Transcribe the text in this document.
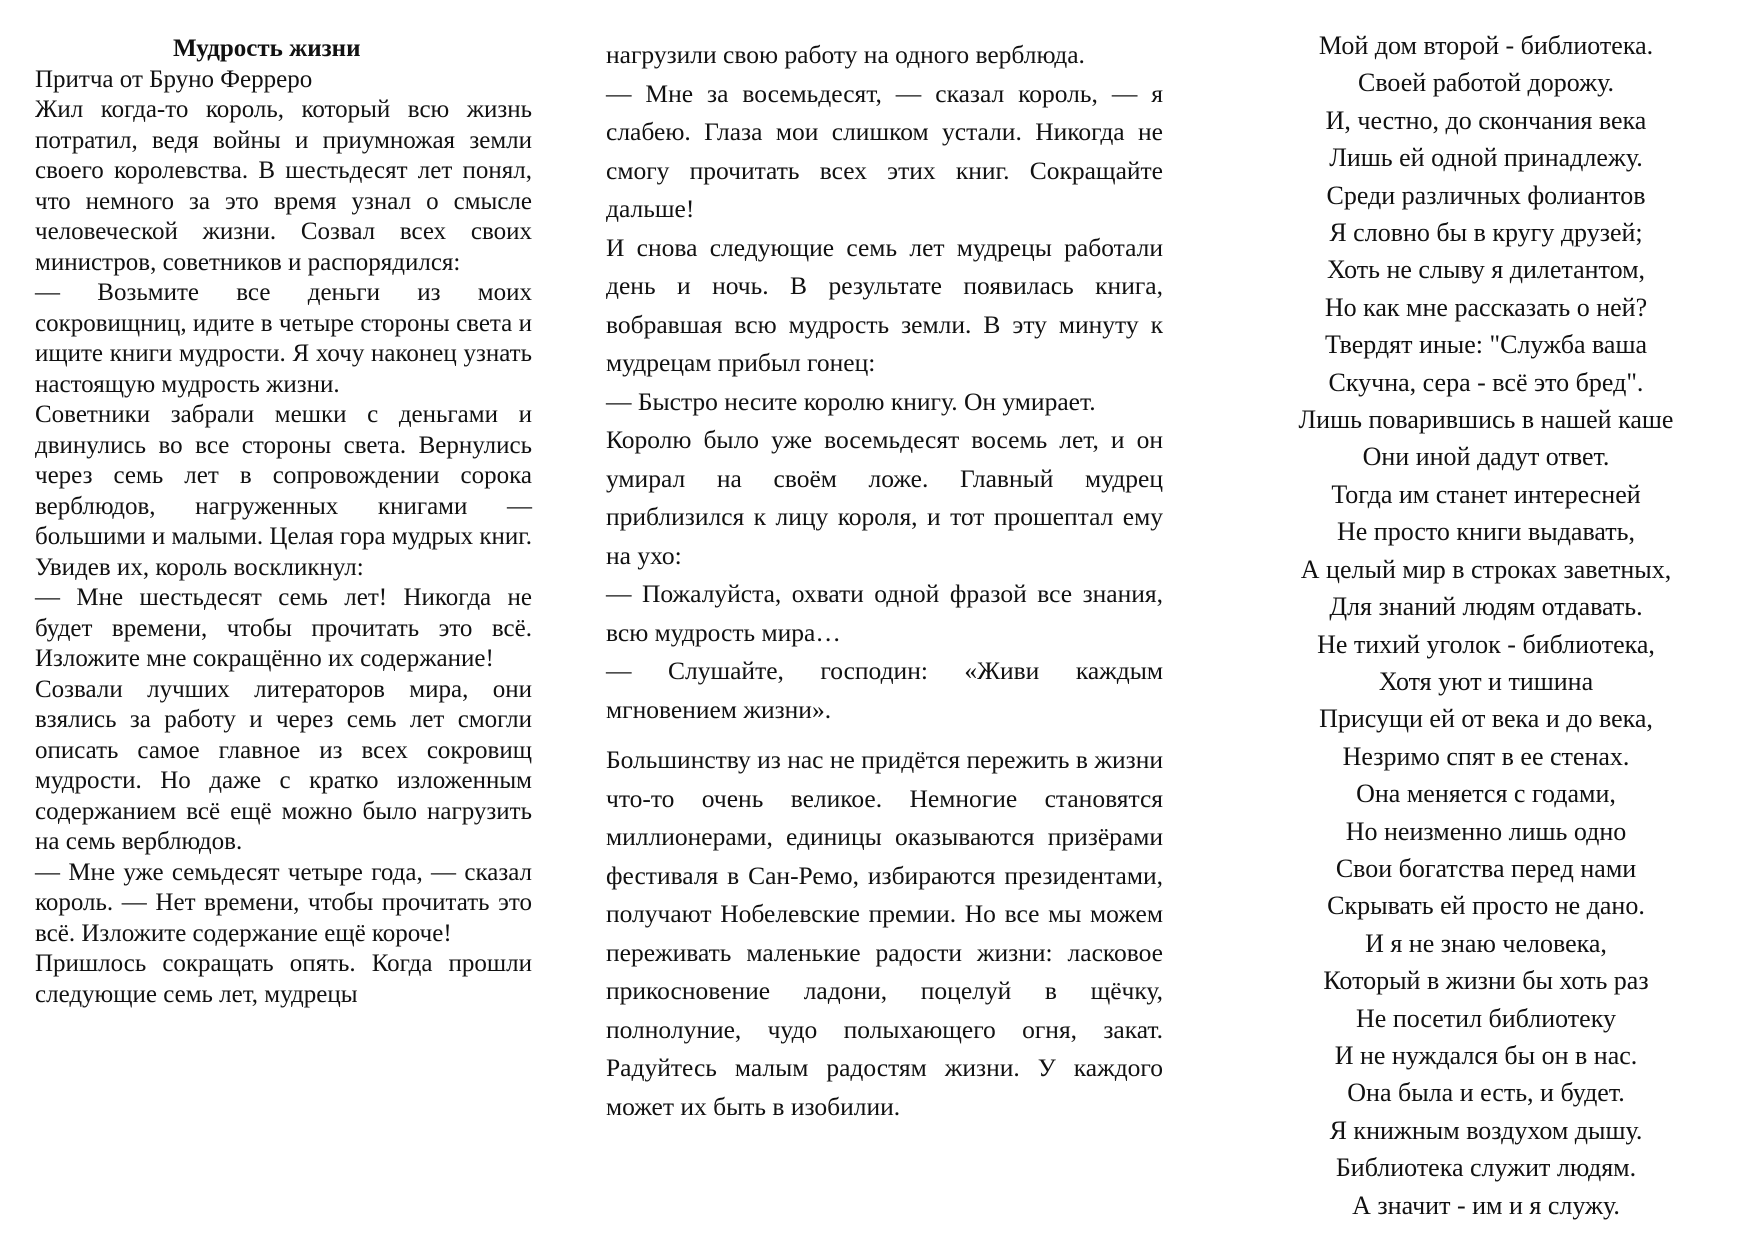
Мудрость жизни

Притча от Бруно Ферреро

Жил когда-то король, который всю жизнь потратил, ведя войны и приумножая земли своего королевства. В шестьдесят лет понял, что немного за это время узнал о смысле человеческой жизни. Созвал всех своих министров, советников и распорядился:

— Возьмите все деньги из моих сокровищниц, идите в четыре стороны света и ищите книги мудрости. Я хочу наконец узнать настоящую мудрость жизни.

Советники забрали мешки с деньгами и двинулись во все стороны света. Вернулись через семь лет в сопровождении сорока верблюдов, нагруженных книгами — большими и малыми. Целая гора мудрых книг. Увидев их, король воскликнул:

— Мне шестьдесят семь лет! Никогда не будет времени, чтобы прочитать это всё. Изложите мне сокращённо их содержание!

Созвали лучших литераторов мира, они взялись за работу и через семь лет смогли описать самое главное из всех сокровищ мудрости. Но даже с кратко изложенным содержанием всё ещё можно было нагрузить на семь верблюдов.

— Мне уже семьдесят четыре года, — сказал король. — Нет времени, чтобы прочитать это всё. Изложите содержание ещё короче!

Пришлось сокращать опять. Когда прошли следующие семь лет, мудрецы

нагрузили свою работу на одного верблюда.

— Мне за восемьдесят, — сказал король, — я слабею. Глаза мои слишком устали. Никогда не смогу прочитать всех этих книг. Сокращайте дальше!

И снова следующие семь лет мудрецы работали день и ночь. В результате появилась книга, вобравшая всю мудрость земли. В эту минуту к мудрецам прибыл гонец:

— Быстро несите королю книгу. Он умирает.

Королю было уже восемьдесят восемь лет, и он умирал на своём ложе. Главный мудрец приблизился к лицу короля, и тот прошептал ему на ухо:

— Пожалуйста, охвати одной фразой все знания, всю мудрость мира…

— Слушайте, господин: «Живи каждым мгновением жизни».

Большинству из нас не придётся пережить в жизни что-то очень великое. Немногие становятся миллионерами, единицы оказываются призёрами фестиваля в Сан-Ремо, избираются президентами, получают Нобелевские премии. Но все мы можем переживать маленькие радости жизни: ласковое прикосновение ладони, поцелуй в щёчку, полнолуние, чудо полыхающего огня, закат. Радуйтесь малым радостям жизни. У каждого может их быть в изобилии.

Мой дом второй - библиотека.
Своей работой дорожу.
И, честно, до скончания века
Лишь ей одной принадлежу.
Среди различных фолиантов
Я словно бы в кругу друзей;
Хоть не слыву я дилетантом,
Но как мне рассказать о ней?
Твердят иные: "Служба ваша
Скучна, сера - всё это бред".
Лишь поварившись в нашей каше
Они иной дадут ответ.
Тогда им станет интересней
Не просто книги выдавать,
А целый мир в строках заветных,
Для знаний людям отдавать.
Не тихий уголок - библиотека,
Хотя уют и тишина
Присущи ей от века и до века,
Незримо спят в ее стенах.
Она меняется с годами,
Но неизменно лишь одно
Свои богатства перед нами
Скрывать ей просто не дано.
И я не знаю человека,
Который в жизни бы хоть раз
Не посетил библиотеку
И не нуждался бы он в нас.
Она была и есть, и будет.
Я книжным воздухом дышу.
Библиотека служит людям.
А значит - им и я служу.
